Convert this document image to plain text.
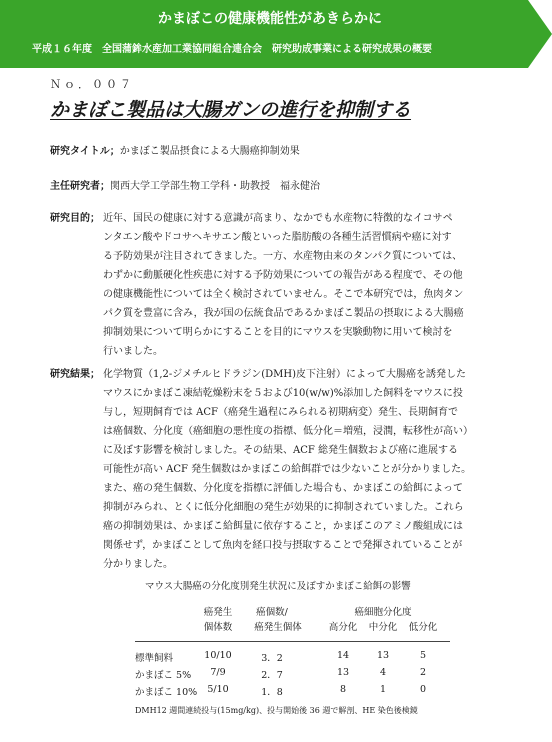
かまぼこの健康機能性があきらかに
平成１６年度　全国蒲鉾水産加工業協同組合連合会　研究助成事業による研究成果の概要
Ｎｏ．００７
かまぼこ製品は大腸ガンの進行を抑制する
研究タイトル；かまぼこ製品摂食による大腸癌抑制効果
主任研究者；関西大学工学部生物工学科・助教授　福永健治
研究目的； 近年、国民の健康に対する意識が高まり、なかでも水産物に特徴的なイコサペ
ンタエン酸やドコサヘキサエン酸といった脂肪酸の各種生活習慣病や癌に対す
る予防効果が注目されてきました。一方、水産物由来のタンパク質については、
わずかに動脈硬化性疾患に対する予防効果についての報告がある程度で、その他
の健康機能性については全く検討されていません。そこで本研究では，魚肉タン
パク質を豊富に含み，我が国の伝統食品であるかまぼこ製品の摂取による大腸癌
抑制効果について明らかにすることを目的にマウスを実験動物に用いて検討を
行いました。
研究結果； 化学物質（1,2-ジメチルヒドラジン(DMH)皮下注射）によって大腸癌を誘発した
マウスにかまぼこ凍結乾燥粉末を５および10(w/w)%添加した飼料をマウスに投
与し，短期飼育では ACF（癌発生過程にみられる初期病変）発生、長期飼育で
は癌個数、分化度（癌細胞の悪性度の指標、低分化＝増殖，浸潤，転移性が高い）
に及ぼす影響を検討しました。その結果、ACF 総発生個数および癌に進展する
可能性が高い ACF 発生個数はかまぼこの給餌群では少ないことが分かりました。
また、癌の発生個数、分化度を指標に評価した場合も、かまぼこの給餌によって
抑制がみられ、とくに低分化細胞の発生が効果的に抑制されていました。これら
癌の抑制効果は、かまぼこ給餌量に依存すること，かまぼこのアミノ酸組成には
関係せず，かまぼことして魚肉を経口投与摂取することで発揮されていることが
分かりました。
マウス大腸癌の分化度別発生状況に及ぼすかまぼこ給餌の影響
癌発生
個体数
癌個数/
癌発生個体
癌細胞分化度
高分化 中分化 低分化
標準飼料	10/10	3．2	14	13	5
かまぼこ 5% 7/9	2．7	13	4	2
かまぼこ 10% 5/10	1．8	8	1	0
DMH12 週間連続投与(15mg/kg)、投与開始後 36 週で解剖、HE 染色後検鏡
